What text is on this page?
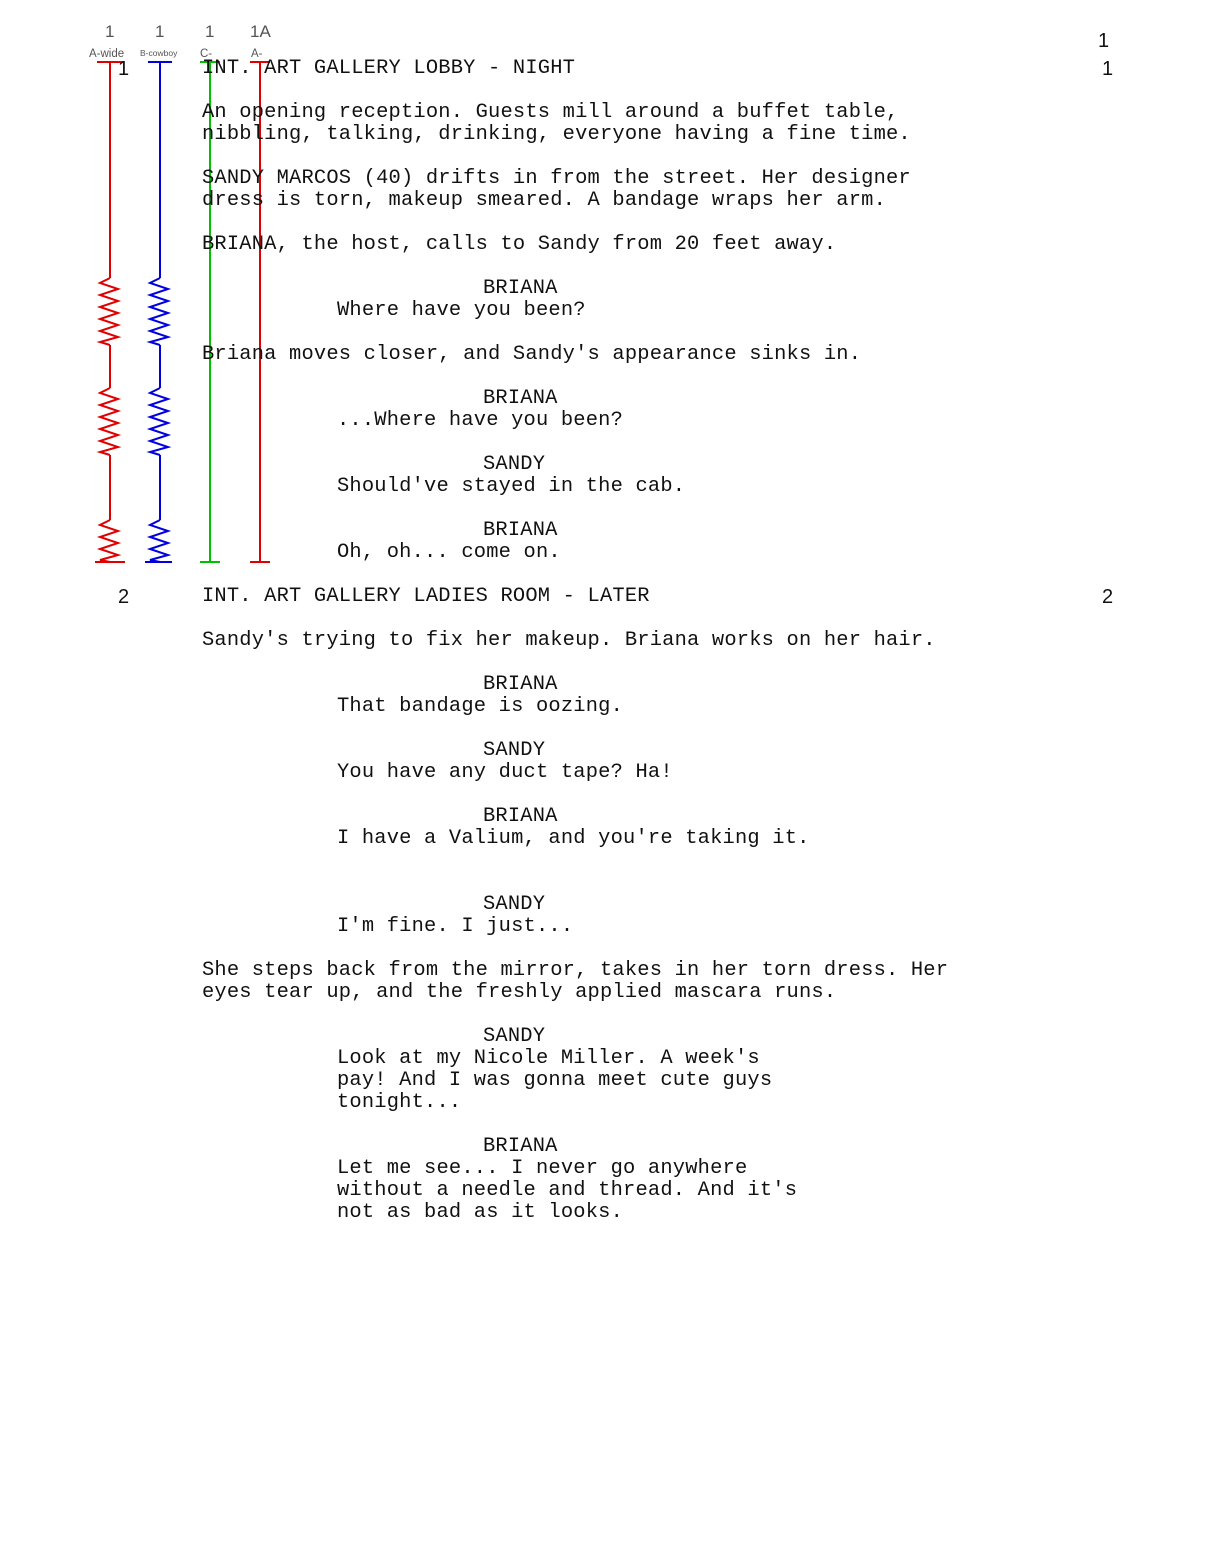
1
A-wide
1
B-cowboy
1
C-
1A
A-
1
1	1
INT. ART GALLERY LOBBY - NIGHT
An opening reception. Guests mill around a buffet table,
nibbling, talking, drinking, everyone having a fine time.
SANDY MARCOS (40) drifts in from the street. Her designer
dress is torn, makeup smeared. A bandage wraps her arm.
BRIANA, the host, calls to Sandy from 20 feet away.
BRIANA
Where have you been?
Briana moves closer, and Sandy's appearance sinks in.
BRIANA
...Where have you been?
SANDY
Should've stayed in the cab.
BRIANA
Oh, oh... come on.
2	2
INT. ART GALLERY LADIES ROOM - LATER
Sandy's trying to fix her makeup. Briana works on her hair.
BRIANA
That bandage is oozing.
SANDY
You have any duct tape? Ha!
BRIANA
I have a Valium, and you're taking it.
SANDY
I'm fine. I just...
She steps back from the mirror, takes in her torn dress. Her
eyes tear up, and the freshly applied mascara runs.
SANDY
Look at my Nicole Miller. A week's
pay! And I was gonna meet cute guys
tonight...
BRIANA
Let me see... I never go anywhere
without a needle and thread. And it's
not as bad as it looks.
